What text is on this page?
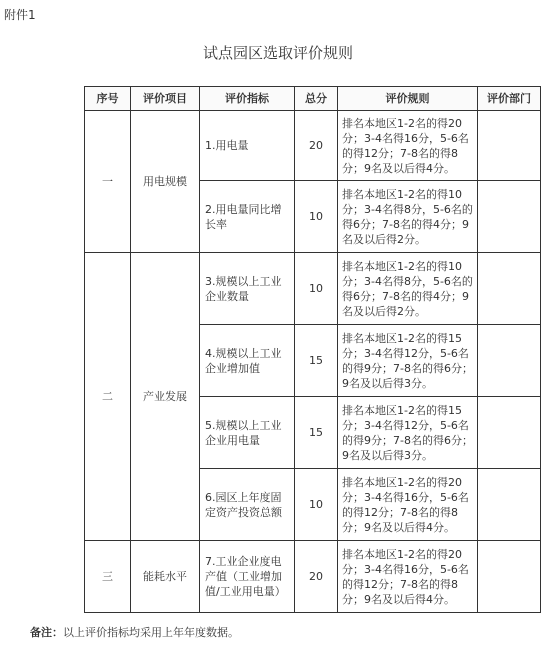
附件1
试点园区选取评价规则
序号	评价项目	评价指标	总分	评价规则	评价部门
一	用电规模	1.用电量	20	排名本地区1-2名的得20分；3-4名得16分，5-6名的得12分；7-8名的得8分；9名及以后得4分。	
		2.用电量同比增长率	10	排名本地区1-2名的得10分；3-4名得8分，5-6名的得6分；7-8名的得4分；9名及以后得2分。	
二	产业发展	3.规模以上工业企业数量	10	排名本地区1-2名的得10分；3-4名得8分，5-6名的得6分；7-8名的得4分；9名及以后得2分。	
		4.规模以上工业企业增加值	15	排名本地区1-2名的得15分；3-4名得12分，5-6名的得9分；7-8名的得6分；9名及以后得3分。	
		5.规模以上工业企业用电量	15	排名本地区1-2名的得15分；3-4名得12分，5-6名的得9分；7-8名的得6分；9名及以后得3分。	
		6.园区上年度固定资产投资总额	10	排名本地区1-2名的得20分；3-4名得16分，5-6名的得12分；7-8名的得8分；9名及以后得4分。	
三	能耗水平	7.工业企业度电产值（工业增加值/工业用电量）	20	排名本地区1-2名的得20分；3-4名得16分，5-6名的得12分；7-8名的得8分；9名及以后得4分。	
备注：以上评价指标均采用上年年度数据。
